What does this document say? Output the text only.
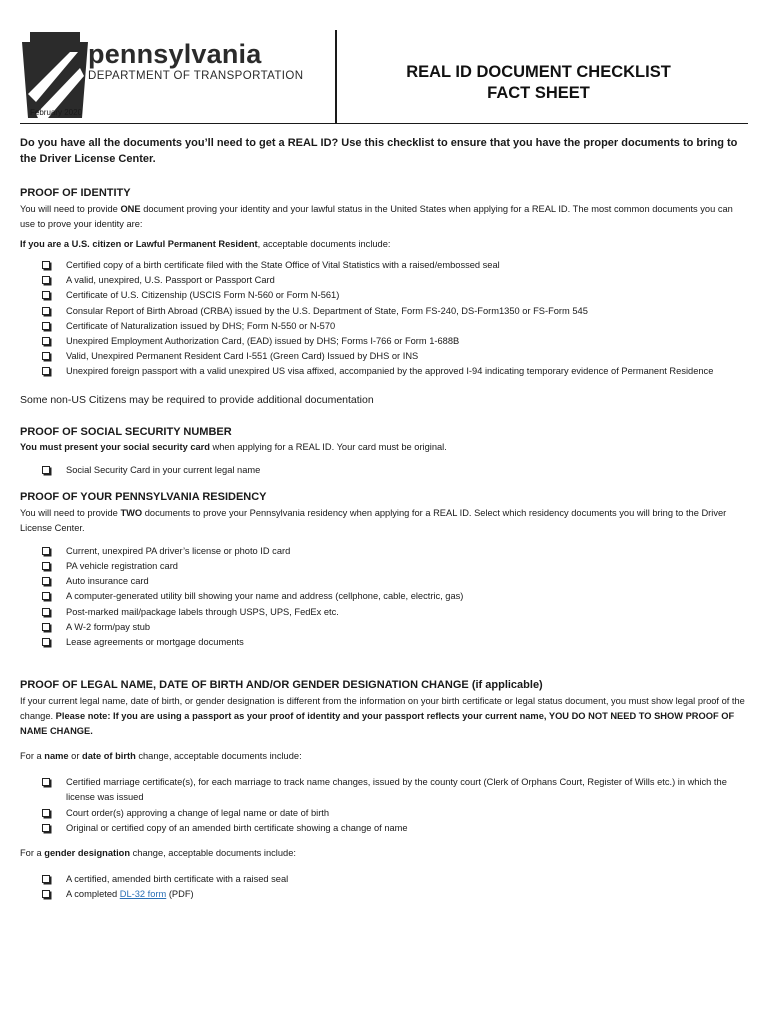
pennsylvania
DEPARTMENT OF TRANSPORTATION
February 2020
REAL ID DOCUMENT CHECKLIST
FACT SHEET

Do you have all the documents you’ll need to get a REAL ID? Use this checklist to ensure that you have the proper documents to bring to the Driver License Center.

PROOF OF IDENTITY

You will need to provide ONE document proving your identity and your lawful status in the United States when applying for a REAL ID. The most common documents you can use to prove your identity are:

If you are a U.S. citizen or Lawful Permanent Resident, acceptable documents include:

Certified copy of a birth certificate filed with the State Office of Vital Statistics with a raised/embossed seal
A valid, unexpired, U.S. Passport or Passport Card
Certificate of U.S. Citizenship (USCIS Form N-560 or Form N-561)
Consular Report of Birth Abroad (CRBA) issued by the U.S. Department of State, Form FS-240, DS-Form1350 or FS-Form 545
Certificate of Naturalization issued by DHS; Form N-550 or N-570
Unexpired Employment Authorization Card, (EAD) issued by DHS; Forms I-766 or Form 1-688B
Valid, Unexpired Permanent Resident Card I-551 (Green Card) Issued by DHS or INS
Unexpired foreign passport with a valid unexpired US visa affixed, accompanied by the approved I-94 indicating temporary evidence of Permanent Residence

Some non-US Citizens may be required to provide additional documentation

PROOF OF SOCIAL SECURITY NUMBER

You must present your social security card when applying for a REAL ID. Your card must be original.

Social Security Card in your current legal name
PROOF OF YOUR PENNSYLVANIA RESIDENCY

You will need to provide TWO documents to prove your Pennsylvania residency when applying for a REAL ID. Select which residency documents you will bring to the Driver License Center.

Current, unexpired PA driver’s license or photo ID card
PA vehicle registration card
Auto insurance card
A computer-generated utility bill showing your name and address (cellphone, cable, electric, gas)
Post-marked mail/package labels through USPS, UPS, FedEx etc.
A W-2 form/pay stub
Lease agreements or mortgage documents
PROOF OF LEGAL NAME, DATE OF BIRTH AND/OR GENDER DESIGNATION CHANGE (if applicable)

If your current legal name, date of birth, or gender designation is different from the information on your birth certificate or legal status document, you must show legal proof of the change. Please note: If you are using a passport as your proof of identity and your passport reflects your current name, YOU DO NOT NEED TO SHOW PROOF OF NAME CHANGE.

For a name or date of birth change, acceptable documents include:

Certified marriage certificate(s), for each marriage to track name changes, issued by the county court (Clerk of Orphans Court, Register of Wills etc.) in which the license was issued
Court order(s) approving a change of legal name or date of birth
Original or certified copy of an amended birth certificate showing a change of name

For a gender designation change, acceptable documents include:

A certified, amended birth certificate with a raised seal
A completed DL-32 form (PDF)
